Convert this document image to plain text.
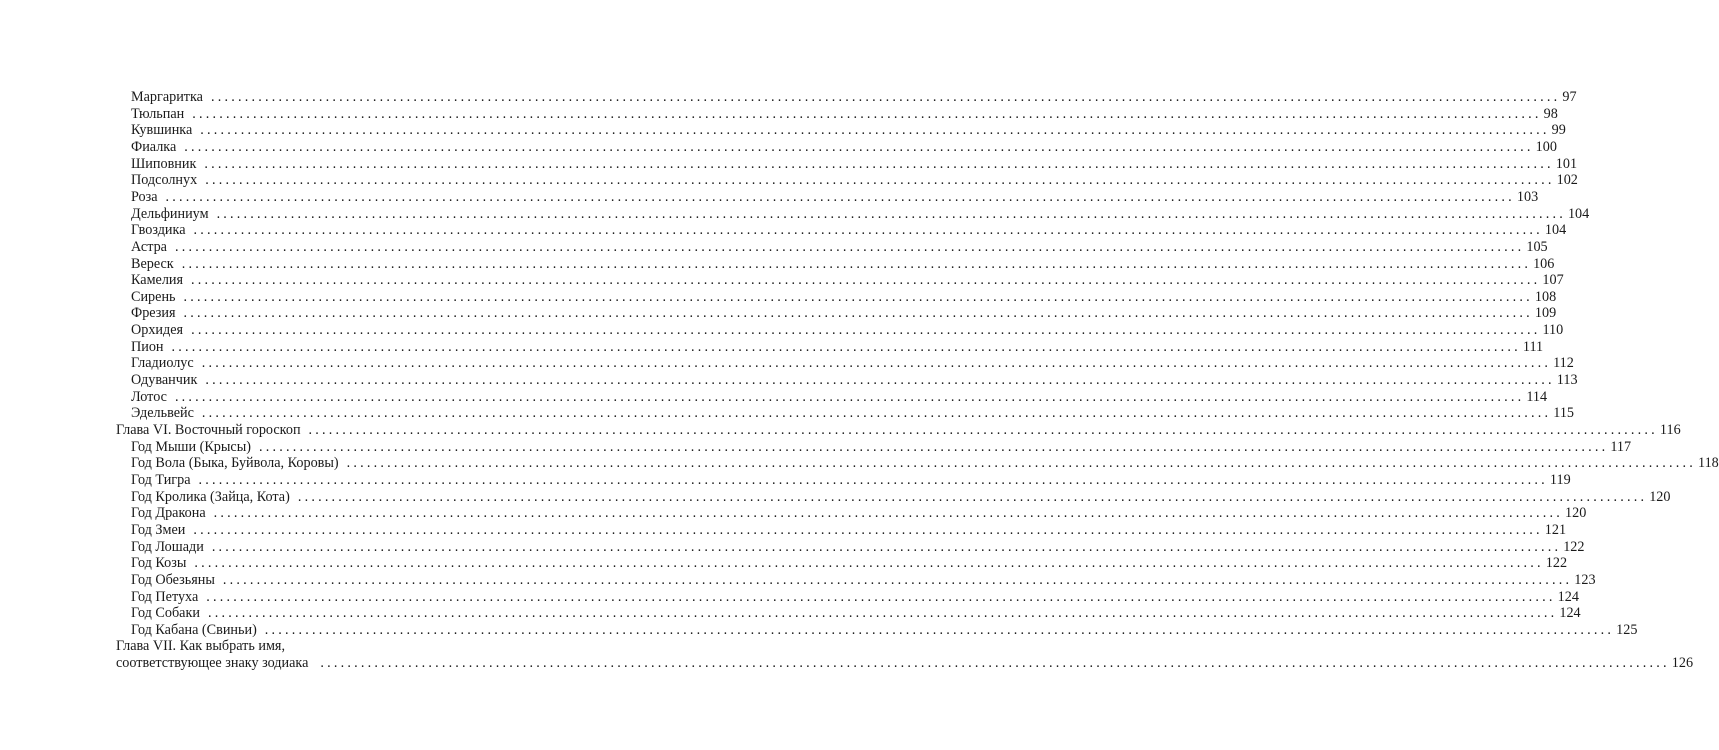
Маргаритка ........................................................................................................................................................................................................ 97
Тюльпан ........................................................................................................................................................................................................ 98
Кувшинка ........................................................................................................................................................................................................ 99
Фиалка ........................................................................................................................................................................................................ 100
Шиповник ........................................................................................................................................................................................................ 101
Подсолнух ........................................................................................................................................................................................................ 102
Роза ........................................................................................................................................................................................................ 103
Дельфиниум ........................................................................................................................................................................................................ 104
Гвоздика ........................................................................................................................................................................................................ 104
Астра ........................................................................................................................................................................................................ 105
Вереск ........................................................................................................................................................................................................ 106
Камелия ........................................................................................................................................................................................................ 107
Сирень ........................................................................................................................................................................................................ 108
Фрезия ........................................................................................................................................................................................................ 109
Орхидея ........................................................................................................................................................................................................ 110
Пион ........................................................................................................................................................................................................ 111
Гладиолус ........................................................................................................................................................................................................ 112
Одуванчик ........................................................................................................................................................................................................ 113
Лотос ........................................................................................................................................................................................................ 114
Эдельвейс ........................................................................................................................................................................................................ 115
Глава VI. Восточный гороскоп ........................................................................................................................................................................................................ 116
Год Мыши (Крысы) ........................................................................................................................................................................................................ 117
Год Вола (Быка, Буйвола, Коровы) ........................................................................................................................................................................................................ 118
Год Тигра ........................................................................................................................................................................................................ 119
Год Кролика (Зайца, Кота) ........................................................................................................................................................................................................ 120
Год Дракона ........................................................................................................................................................................................................ 120
Год Змеи ........................................................................................................................................................................................................ 121
Год Лошади ........................................................................................................................................................................................................ 122
Год Козы ........................................................................................................................................................................................................ 122
Год Обезьяны ........................................................................................................................................................................................................ 123
Год Петуха ........................................................................................................................................................................................................ 124
Год Собаки ........................................................................................................................................................................................................ 124
Год Кабана (Свиньи) ........................................................................................................................................................................................................ 125
Глава VII. Как выбрать имя,
соответствующее знаку зодиака ........................................................................................................................................................................................................ 126
